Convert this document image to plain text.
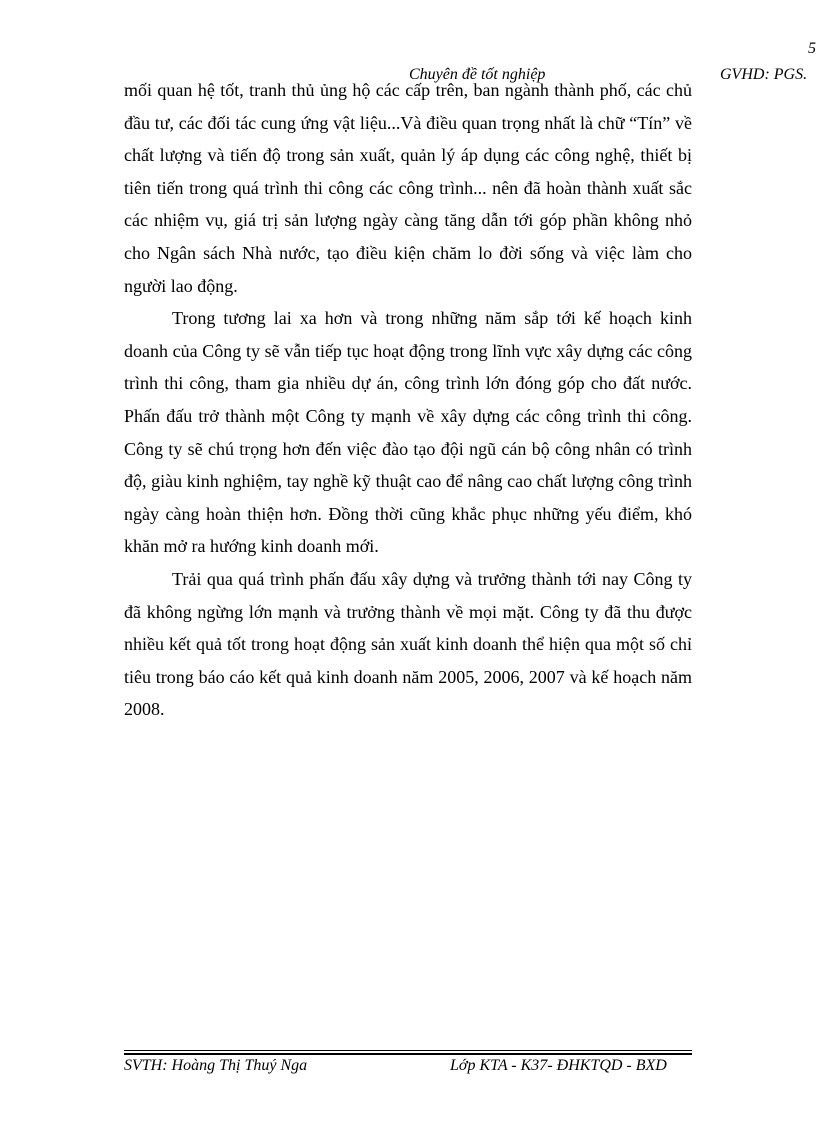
5
Chuyên đề tốt nghiệp	GVHD: PGS.

mối quan hệ tốt, tranh thủ ủng hộ các cấp trên, ban ngành thành phố, các chủ đầu tư, các đối tác cung ứng vật liệu...Và điều quan trọng nhất là chữ “Tín” về chất lượng và tiến độ trong sản xuất, quản lý áp dụng các công nghệ, thiết bị tiên tiến trong quá trình thi công các công trình... nên đã hoàn thành xuất sắc các nhiệm vụ, giá trị sản lượng ngày càng tăng dẫn tới góp phần không nhỏ cho Ngân sách Nhà nước, tạo điều kiện chăm lo đời sống và việc làm cho người lao động.

Trong tương lai xa hơn và trong những năm sắp tới kế hoạch kinh doanh của Công ty sẽ vẫn tiếp tục hoạt động trong lĩnh vực xây dựng các công trình thi công, tham gia nhiều dự án, công trình lớn đóng góp cho đất nước. Phấn đấu trở thành một Công ty mạnh về xây dựng các công trình thi công. Công ty sẽ chú trọng hơn đến việc đào tạo đội ngũ cán bộ công nhân có trình độ, giàu kinh nghiệm, tay nghề kỹ thuật cao để nâng cao chất lượng công trình ngày càng hoàn thiện hơn. Đồng thời cũng khắc phục những yếu điểm, khó khăn mở ra hướng kinh doanh mới.

Trải qua quá trình phấn đấu xây dựng và trưởng thành tới nay Công ty đã không ngừng lớn mạnh và trưởng thành về mọi mặt. Công ty đã thu được nhiều kết quả tốt trong hoạt động sản xuất kinh doanh thể hiện qua một số chỉ tiêu trong báo cáo kết quả kinh doanh năm 2005, 2006, 2007 và kế hoạch năm 2008.

SVTH: Hoàng Thị Thuý Nga	Lớp KTA - K37- ĐHKTQD - BXD
